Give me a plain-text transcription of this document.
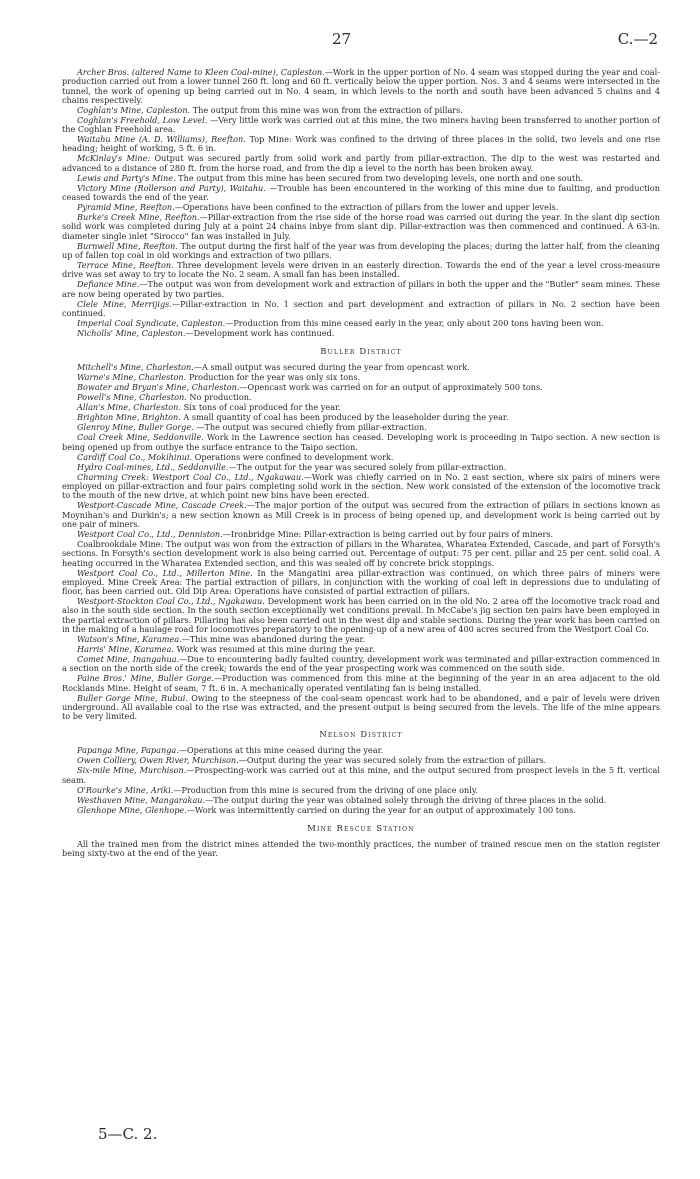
27	C.—2

Archer Bros. (altered Name to Kleen Coal-mine), Capleston.—Work in the upper portion of No. 4 seam was stopped during the year and coal-production carried out from a lower tunnel 260 ft. long and 60 ft. vertically below the upper portion. Nos. 3 and 4 seams were intersected in the tunnel, the work of opening up being carried out in No. 4 seam, in which levels to the north and south have been advanced 5 chains and 4 chains respectively.

Coghlan's Mine, Capleston. The output from this mine was won from the extraction of pillars.

Coghlan's Freehold, Low Level. —Very little work was carried out at this mine, the two miners having been transferred to another portion of the Coghlan Freehold area.

Waitahu Mine (A. D. Williams), Reefton. Top Mine: Work was confined to the driving of three places in the solid, two levels and one rise heading; height of working, 5 ft. 6 in.

McKinlay's Mine: Output was secured partly from solid work and partly from pillar-extraction. The dip to the west was restarted and advanced to a distance of 280 ft. from the horse road, and from the dip a level to the north has been broken away.

Lewis and Party's Mine. The output from this mine has been secured from two developing levels, one north and one south.

Victory Mine (Rollerson and Party), Waitahu. —Trouble has been encountered in the working of this mine due to faulting, and production ceased towards the end of the year.

Pyramid Mine, Reefton.—Operations have been confined to the extraction of pillars from the lower and upper levels.

Burke's Creek Mine, Reefton.—Pillar-extraction from the rise side of the horse road was carried out during the year. In the slant dip section solid work was completed during July at a point 24 chains inbye from slant dip. Pillar-extraction was then commenced and continued. A 63-in. diameter single inlet "Sirocco" fan was installed in July.

Burnwell Mine, Reefton. The output during the first half of the year was from developing the places; during the latter half, from the cleaning up of fallen top coal in old workings and extraction of two pillars.

Terrace Mine, Reefton. Three development levels were driven in an easterly direction. Towards the end of the year a level cross-measure drive was set away to try to locate the No. 2 seam. A small fan has been installed.

Defiance Mine.—The output was won from development work and extraction of pillars in both the upper and the "Butler" seam mines. These are now being operated by two parties.

Clele Mine, Merrijigs.—Pillar-extraction in No. 1 section and part development and extraction of pillars in No. 2 section have been continued.

Imperial Coal Syndicate, Capleston.—Production from this mine ceased early in the year, only about 200 tons having been won.

Nicholls' Mine, Capleston.—Development work has continued.

Buller District

Mitchell's Mine, Charleston.—A small output was secured during the year from opencast work.

Warne's Mine, Charleston. Production for the year was only six tons.

Bowater and Bryan's Mine, Charleston.—Opencast work was carried on for an output of approximately 500 tons.

Powell's Mine, Charleston. No production.

Allan's Mine, Charleston. Six tons of coal produced for the year.

Brighton Mine, Brighton. A small quantity of coal has been produced by the leaseholder during the year.

Glenroy Mine, Buller Gorge. —The output was secured chiefly from pillar-extraction.

Coal Creek Mine, Seddonville. Work in the Lawrence section has ceased. Developing work is proceeding in Taipo section. A new section is being opened up from outbye the surface entrance to the Taipo section.

Cardiff Coal Co., Mokihinui. Operations were confined to development work.

Hydro Coal-mines, Ltd., Seddonville.—The output for the year was secured solely from pillar-extraction.

Charming Creek: Westport Coal Co., Ltd., Ngakawau.—Work was chiefly carried on in No. 2 east section, where six pairs of miners were employed on pillar-extraction and four pairs completing solid work in the section. New work consisted of the extension of the locomotive track to the mouth of the new drive, at which point new bins have been erected.

Westport-Cascade Mine, Cascade Creek.—The major portion of the output was secured from the extraction of pillars in sections known as Moynihan's and Durkin's; a new section known as Mill Creek is in process of being opened up, and development work is being carried out by one pair of miners.

Westport Coal Co., Ltd., Denniston.—Ironbridge Mine: Pillar-extraction is being carried out by four pairs of miners.

Coalbrookdale Mine: The output was won from the extraction of pillars in the Wharatea, Wharatea Extended, Cascade, and part of Forsyth's sections. In Forsyth's section development work is also being carried out. Percentage of output: 75 per cent. pillar and 25 per cent. solid coal. A heating occurred in the Wharatea Extended section, and this was sealed off by concrete brick stoppings.

Westport Coal Co., Ltd., Millerton Mine. In the Mangatini area pillar-extraction was continued, on which three pairs of miners were employed. Mine Creek Area: The partial extraction of pillars, in conjunction with the working of coal left in depressions due to undulating of floor, has been carried out. Old Dip Area: Operations have consisted of partial extraction of pillars.

Westport-Stockton Coal Co., Ltd., Ngakawau. Development work has been carried on in the old No. 2 area off the locomotive track road and also in the south side section. In the south section exceptionally wet conditions prevail. In McCabe's jig section ten pairs have been employed in the partial extraction of pillars. Pillaring has also been carried out in the west dip and stable sections. During the year work has been carried on in the making of a haulage road for locomotives preparatory to the opening-up of a new area of 400 acres secured from the Westport Coal Co.

Watson's Mine, Karamea.—This mine was abandoned during the year.

Harris' Mine, Karamea. Work was resumed at this mine during the year.

Comet Mine, Inangahua.—Due to encountering badly faulted country, development work was terminated and pillar-extraction commenced in a section on the north side of the creek; towards the end of the year prospecting work was commenced on the south side.

Paine Bros.' Mine, Buller Gorge.—Production was commenced from this mine at the beginning of the year in an area adjacent to the old Rocklands Mine. Height of seam, 7 ft. 6 in. A mechanically operated ventilating fan is being installed.

Buller Gorge Mine, Rubui. Owing to the steepness of the coal-seam opencast work had to be abandoned, and a pair of levels were driven underground. All available coal to the rise was extracted, and the present output is being secured from the levels. The life of the mine appears to be very limited.

Nelson District

Papanga Mine, Papanga.—Operations at this mine ceased during the year.

Owen Colliery, Owen River, Murchison.—Output during the year was secured solely from the extraction of pillars.

Six-mile Mine, Murchison.—Prospecting-work was carried out at this mine, and the output secured from prospect levels in the 5 ft. vertical seam.

O'Rourke's Mine, Ariki.—Production from this mine is secured from the driving of one place only.

Westhaven Mine, Mangarakau.—The output during the year was obtained solely through the driving of three places in the solid.

Glenhope Mine, Glenhope.—Work was intermittently carried on during the year for an output of approximately 100 tons.

Mine Rescue Station

All the trained men from the district mines attended the two-monthly practices, the number of trained rescue men on the station register being sixty-two at the end of the year.

5—C. 2.
